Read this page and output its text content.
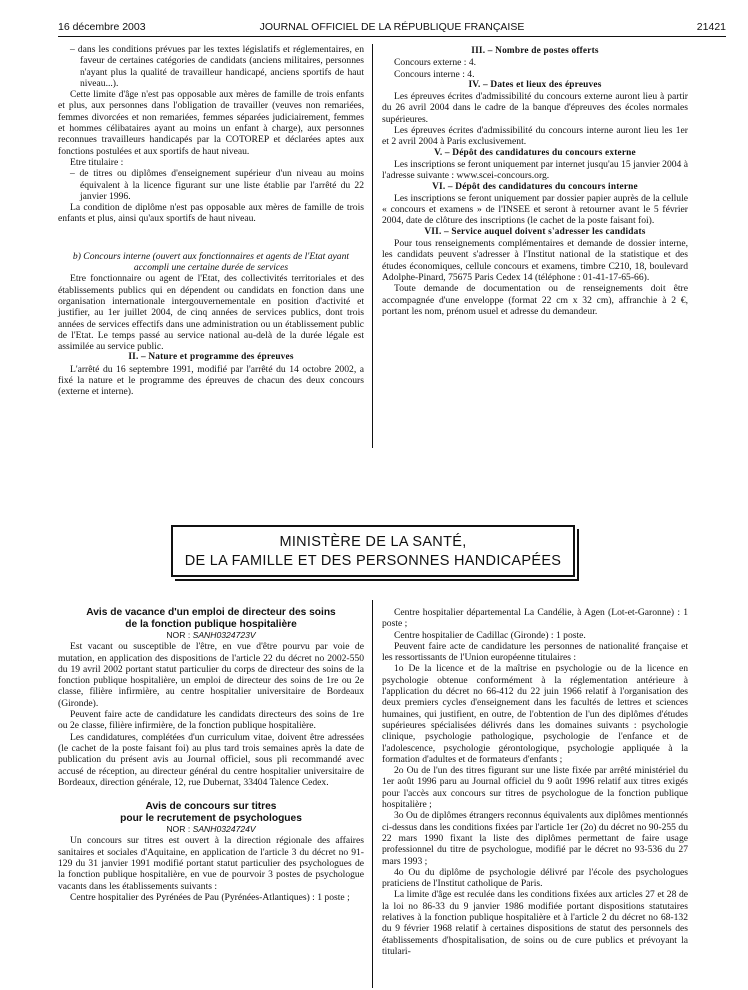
16 décembre 2003	JOURNAL OFFICIEL DE LA RÉPUBLIQUE FRANÇAISE	21421

– dans les conditions prévues par les textes législatifs et réglementaires, en faveur de certaines catégories de candidats (anciens militaires, personnes n'ayant plus la qualité de travailleur handicapé, anciens sportifs de haut niveau...).

Cette limite d'âge n'est pas opposable aux mères de famille de trois enfants et plus, aux personnes dans l'obligation de travailler (veuves non remariées, femmes divorcées et non remariées, femmes séparées judiciairement, femmes et hommes célibataires ayant au moins un enfant à charge), aux personnes reconnues travailleurs handicapés par la COTOREP et déclarées aptes aux fonctions postulées et aux sportifs de haut niveau.

Etre titulaire :

– de titres ou diplômes d'enseignement supérieur d'un niveau au moins équivalent à la licence figurant sur une liste établie par l'arrêté du 22 janvier 1996.

La condition de diplôme n'est pas opposable aux mères de famille de trois enfants et plus, ainsi qu'aux sportifs de haut niveau.

b) Concours interne (ouvert aux fonctionnaires et agents de l'Etat ayant accompli une certaine durée de services

Etre fonctionnaire ou agent de l'Etat, des collectivités territoriales et des établissements publics qui en dépendent ou candidats en fonction dans une organisation internationale intergouvernementale en position d'activité et justifier, au 1er juillet 2004, de cinq années de services publics, dont trois années de services effectifs dans une administration ou un établissement public de l'Etat. Le temps passé au service national au-delà de la durée légale est assimilée au service public.

II. – Nature et programme des épreuves

L'arrêté du 16 septembre 1991, modifié par l'arrêté du 14 octobre 2002, a fixé la nature et le programme des épreuves de chacun des deux concours (externe et interne).

III. – Nombre de postes offerts

Concours externe : 4.

Concours interne : 4.

IV. – Dates et lieux des épreuves

Les épreuves écrites d'admissibilité du concours externe auront lieu à partir du 26 avril 2004 dans le cadre de la banque d'épreuves des écoles normales supérieures.

Les épreuves écrites d'admissibilité du concours interne auront lieu les 1er et 2 avril 2004 à Paris exclusivement.

V. – Dépôt des candidatures du concours externe

Les inscriptions se feront uniquement par internet jusqu'au 15 janvier 2004 à l'adresse suivante : www.scei-concours.org.

VI. – Dépôt des candidatures du concours interne

Les inscriptions se feront uniquement par dossier papier auprès de la cellule « concours et examens » de l'INSEE et seront à retourner avant le 5 février 2004, date de clôture des inscriptions (le cachet de la poste faisant foi).

VII. – Service auquel doivent s'adresser les candidats

Pour tous renseignements complémentaires et demande de dossier interne, les candidats peuvent s'adresser à l'Institut national de la statistique et des études économiques, cellule concours et examens, timbre C210, 18, boulevard Adolphe-Pinard, 75675 Paris Cedex 14 (téléphone : 01-41-17-65-66).

Toute demande de documentation ou de renseignements doit être accompagnée d'une enveloppe (format 22 cm x 32 cm), affranchie à 2 €, portant les nom, prénom usuel et adresse du demandeur.

MINISTÈRE DE LA SANTÉ,
DE LA FAMILLE ET DES PERSONNES HANDICAPÉES
Avis de vacance d'un emploi de directeur des soins
de la fonction publique hospitalière

NOR : SANH0324723V

Est vacant ou susceptible de l'être, en vue d'être pourvu par voie de mutation, en application des dispositions de l'article 22 du décret no 2002-550 du 19 avril 2002 portant statut particulier du corps de directeur des soins de la fonction publique hospitalière, un emploi de directeur des soins de 1re ou 2e classe, filière infirmière, au centre hospitalier universitaire de Bordeaux (Gironde).

Peuvent faire acte de candidature les candidats directeurs des soins de 1re ou 2e classe, filière infirmière, de la fonction publique hospitalière.

Les candidatures, complétées d'un curriculum vitae, doivent être adressées (le cachet de la poste faisant foi) au plus tard trois semaines après la date de publication du présent avis au Journal officiel, sous pli recommandé avec accusé de réception, au directeur général du centre hospitalier universitaire de Bordeaux, direction générale, 12, rue Dubernat, 33404 Talence Cedex.

Avis de concours sur titres
pour le recrutement de psychologues

NOR : SANH0324724V

Un concours sur titres est ouvert à la direction régionale des affaires sanitaires et sociales d'Aquitaine, en application de l'article 3 du décret no 91-129 du 31 janvier 1991 modifié portant statut particulier des psychologues de la fonction publique hospitalière, en vue de pourvoir 3 postes de psychologue vacants dans les établissements suivants :

Centre hospitalier des Pyrénées de Pau (Pyrénées-Atlantiques) : 1 poste ;

Centre hospitalier départemental La Candélie, à Agen (Lot-et-Garonne) : 1 poste ;

Centre hospitalier de Cadillac (Gironde) : 1 poste.

Peuvent faire acte de candidature les personnes de nationalité française et les ressortissants de l'Union européenne titulaires :

1o De la licence et de la maîtrise en psychologie ou de la licence en psychologie obtenue conformément à la réglementation antérieure à l'application du décret no 66-412 du 22 juin 1966 relatif à l'organisation des deux premiers cycles d'enseignement dans les facultés de lettres et sciences humaines, qui justifient, en outre, de l'obtention de l'un des diplômes d'études supérieures spécialisées délivrés dans les domaines suivants : psychologie clinique, psychologie pathologique, psychologie de l'enfance et de l'adolescence, psychologie gérontologique, psychologie appliquée à la formation d'adultes et de formateurs d'enfants ;

2o Ou de l'un des titres figurant sur une liste fixée par arrêté ministériel du 1er août 1996 paru au Journal officiel du 9 août 1996 relatif aux titres exigés pour l'accès aux concours sur titres de psychologue de la fonction publique hospitalière ;

3o Ou de diplômes étrangers reconnus équivalents aux diplômes mentionnés ci-dessus dans les conditions fixées par l'article 1er (2o) du décret no 90-255 du 22 mars 1990 fixant la liste des diplômes permettant de faire usage professionnel du titre de psychologue, modifié par le décret no 93-536 du 27 mars 1993 ;

4o Ou du diplôme de psychologie délivré par l'école des psychologues praticiens de l'Institut catholique de Paris.

La limite d'âge est reculée dans les conditions fixées aux articles 27 et 28 de la loi no 86-33 du 9 janvier 1986 modifiée portant dispositions statutaires relatives à la fonction publique hospitalière et à l'article 2 du décret no 68-132 du 9 février 1968 relatif à certaines dispositions de statut des personnels des établissements d'hospitalisation, de soins ou de cure publics et prévoyant la titulari-
